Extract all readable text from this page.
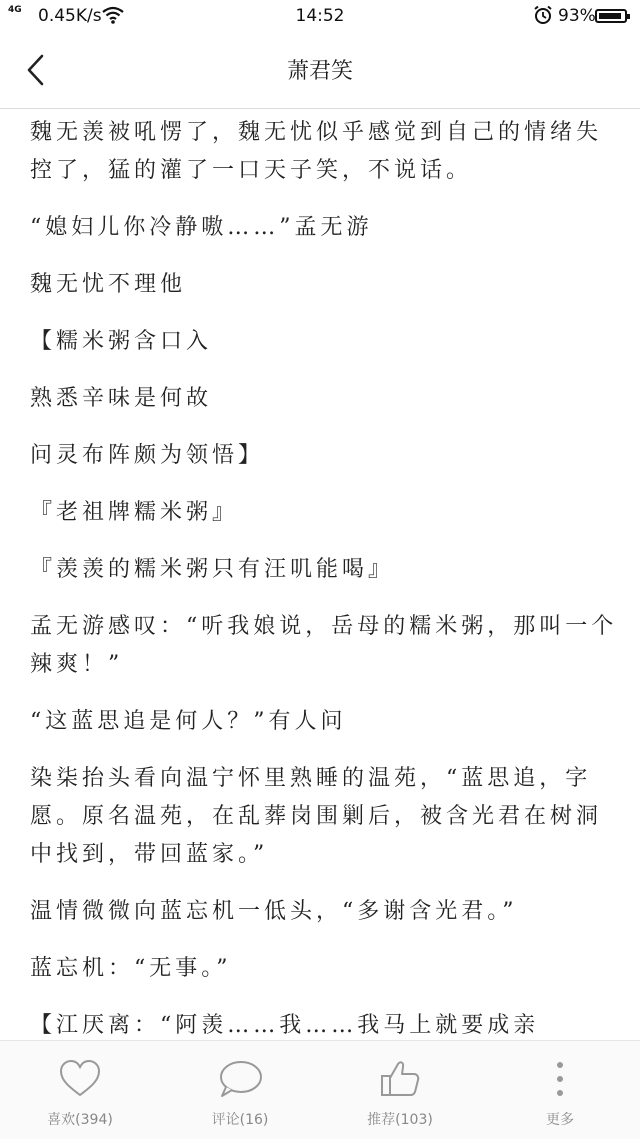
4G 0.45K/s	14:52	93%
萧君笑

魏无羡被吼愣了，魏无忧似乎感觉到自己的情绪失控了，猛的灌了一口天子笑，不说话。

“媳妇儿你冷静嗷……”孟无游

魏无忧不理他

【糯米粥含口入

熟悉辛味是何故

问灵布阵颇为领悟】

『老祖牌糯米粥』

『羡羡的糯米粥只有汪叽能喝』

孟无游感叹：“听我娘说，岳母的糯米粥，那叫一个辣爽！”

“这蓝思追是何人？”有人问

染柒抬头看向温宁怀里熟睡的温苑，“蓝思追，字愿。原名温苑，在乱葬岗围剿后，被含光君在树洞中找到，带回蓝家。”

温情微微向蓝忘机一低头，“多谢含光君。”

蓝忘机：“无事。”

【江厌离：“阿羡……我……我马上就要成亲

喜欢(394)	评论(16)	推荐(103)	更多
